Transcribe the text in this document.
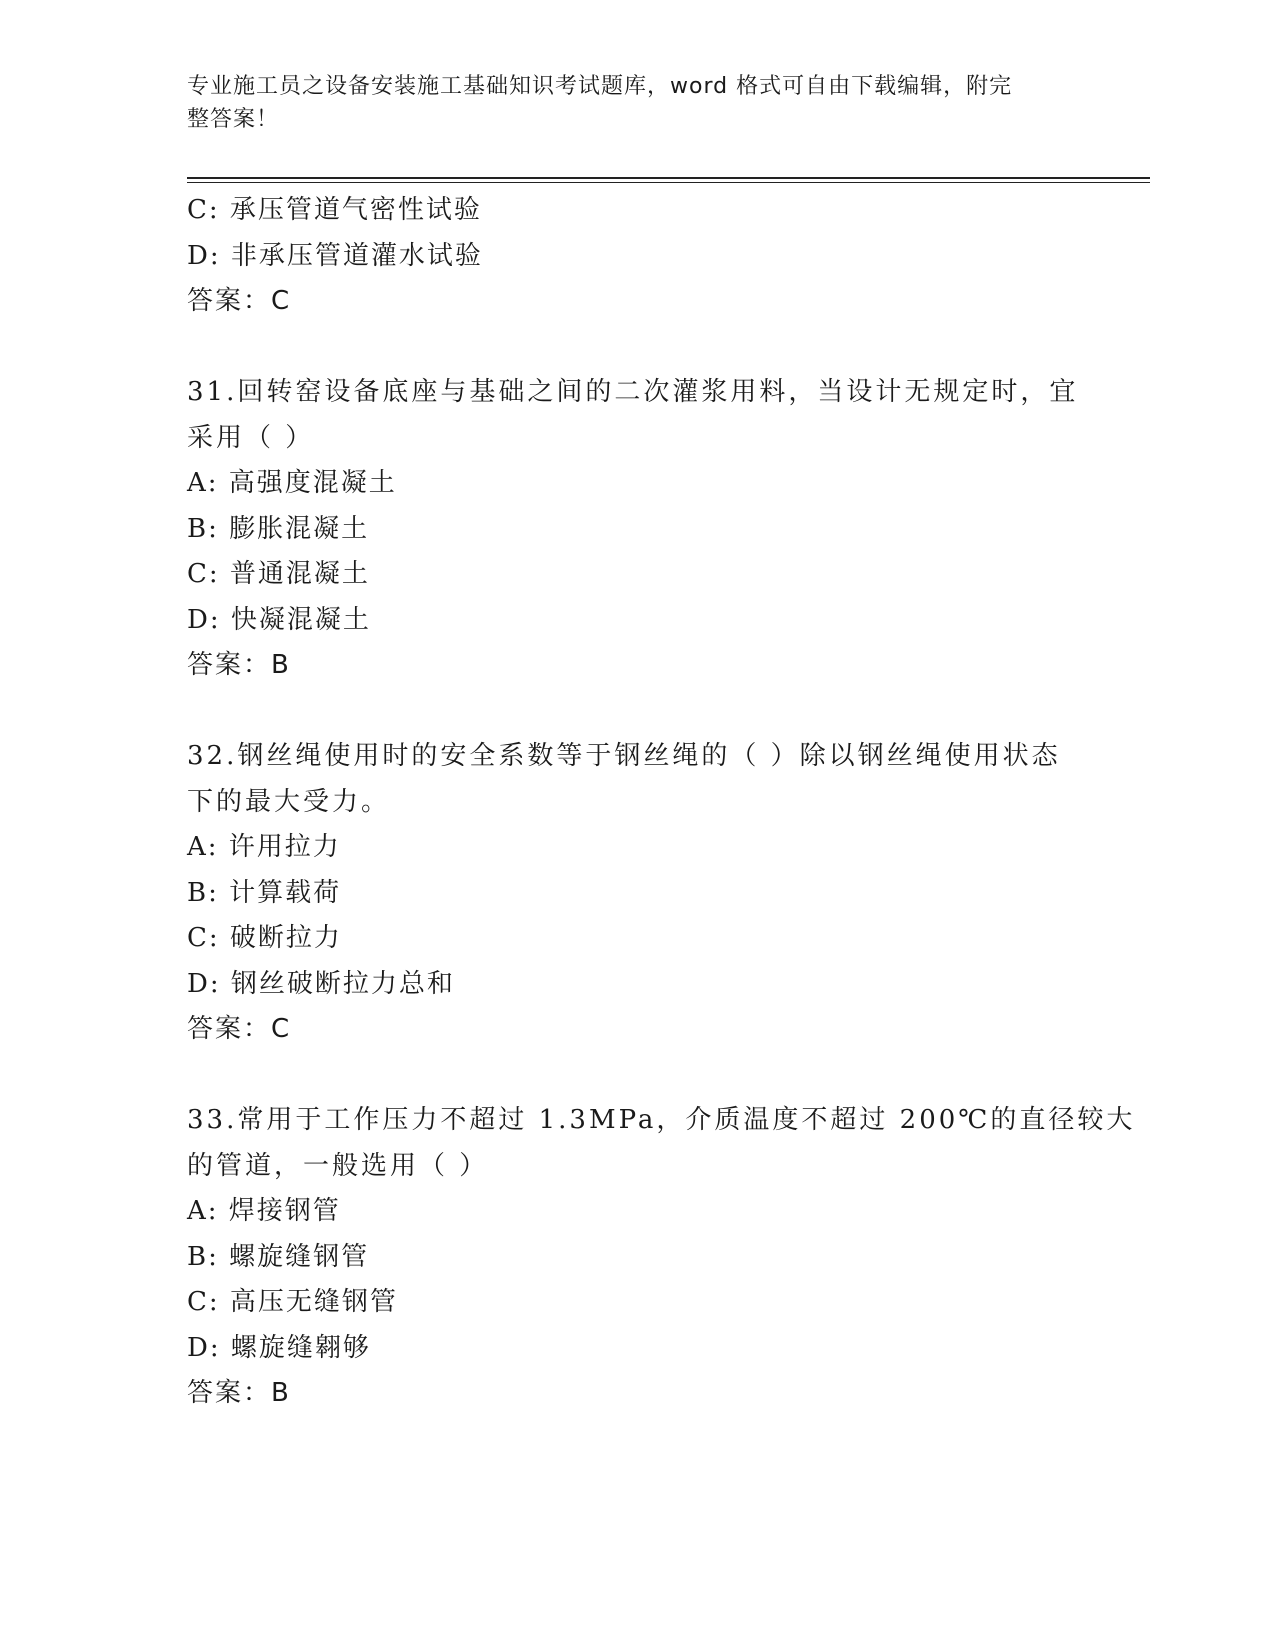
专业施工员之设备安装施工基础知识考试题库，word 格式可自由下载编辑，附完
整答案！
C: 承压管道气密性试验
D: 非承压管道灌水试验
答案：C
31.回转窑设备底座与基础之间的二次灌浆用料，当设计无规定时，宜
采用（ ）
A: 高强度混凝土
B: 膨胀混凝土
C: 普通混凝土
D: 快凝混凝土
答案：B
32.钢丝绳使用时的安全系数等于钢丝绳的（ ）除以钢丝绳使用状态
下的最大受力。
A: 许用拉力
B: 计算载荷
C: 破断拉力
D: 钢丝破断拉力总和
答案：C
33.常用于工作压力不超过 1.3MPa，介质温度不超过 200℃的直径较大
的管道，一般选用（ ）
A: 焊接钢管
B: 螺旋缝钢管
C: 高压无缝钢管
D: 螺旋缝翱够
答案：B
